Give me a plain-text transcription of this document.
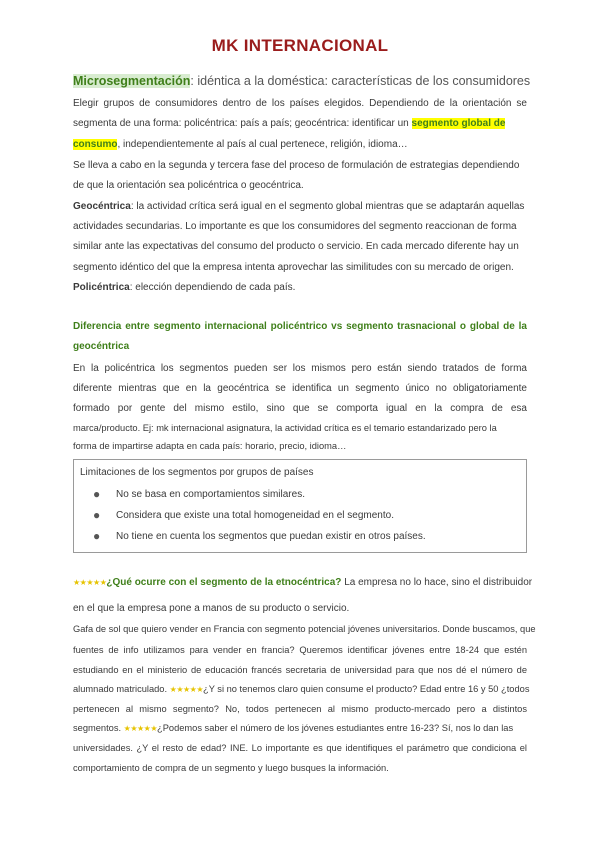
MK INTERNACIONAL
Microsegmentación: idéntica a la doméstica: características de los consumidores
Elegir grupos de consumidores dentro de los países elegidos. Dependiendo de la orientación se
segmenta de una forma: policéntrica: país a país; geocéntrica: identificar un segmento global de
consumo, independientemente al país al cual pertenece, religión, idioma…
Se lleva a cabo en la segunda y tercera fase del proceso de formulación de estrategias dependiendo
de que la orientación sea policéntrica o geocéntrica.
Geocéntrica: la actividad crítica será igual en el segmento global mientras que se adaptarán aquellas
actividades secundarias. Lo importante es que los consumidores del segmento reaccionan de forma
similar ante las expectativas del consumo del producto o servicio. En cada mercado diferente hay un
segmento idéntico del que la empresa intenta aprovechar las similitudes con su mercado de origen.
Policéntrica: elección dependiendo de cada país.
Diferencia entre segmento internacional policéntrico vs segmento trasnacional o global de la
geocéntrica
En la policéntrica los segmentos pueden ser los mismos pero están siendo tratados de forma
diferente mientras que en la geocéntrica se identifica un segmento único no obligatoriamente
formado por gente del mismo estilo, sino que se comporta igual en la compra de esa
marca/producto. Ej: mk internacional asignatura, la actividad crítica es el temario estandarizado pero la
forma de impartirse adapta en cada país: horario, precio, idioma…
Limitaciones de los segmentos por grupos de países
● No se basa en comportamientos similares.
● Considera que existe una total homogeneidad en el segmento.
● No tiene en cuenta los segmentos que puedan existir en otros países.
★★★★★¿Qué ocurre con el segmento de la etnocéntrica? La empresa no lo hace, sino el distribuidor
en el que la empresa pone a manos de su producto o servicio.
Gafa de sol que quiero vender en Francia con segmento potencial jóvenes universitarios. Donde buscamos, que
fuentes de info utilizamos para vender en francia? Queremos identificar jóvenes entre 18-24 que estén
estudiando en el ministerio de educación francés secretaria de universidad para que nos dé el número de
alumnado matriculado. ★★★★★¿Y si no tenemos claro quien consume el producto? Edad entre 16 y 50 ¿todos
pertenecen al mismo segmento? No, todos pertenecen al mismo producto-mercado pero a distintos
segmentos. ★★★★★¿Podemos saber el número de los jóvenes estudiantes entre 16-23? Sí, nos lo dan las
universidades. ¿Y el resto de edad? INE. Lo importante es que identifiques el parámetro que condiciona el
comportamiento de compra de un segmento y luego busques la información.
